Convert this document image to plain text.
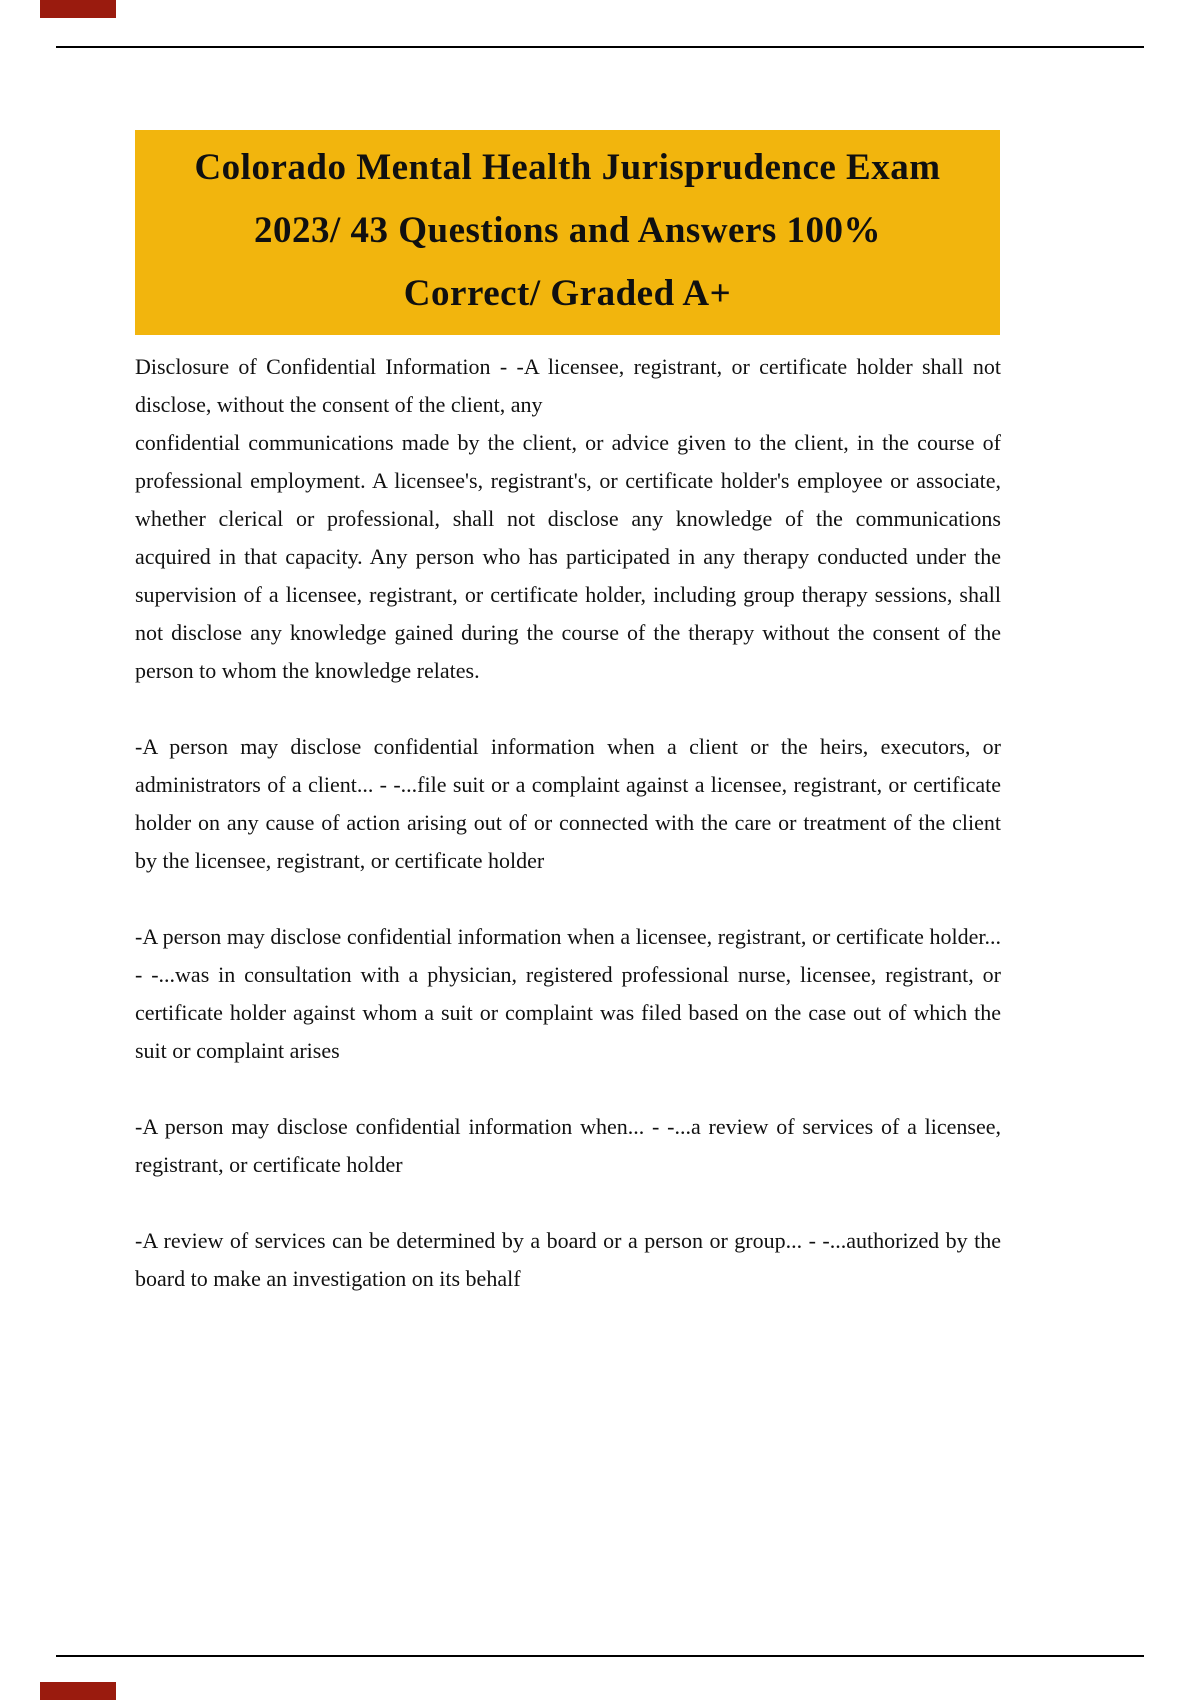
Colorado Mental Health Jurisprudence Exam
2023/ 43 Questions and Answers 100%
Correct/ Graded A+

Disclosure of Confidential Information - -A licensee, registrant, or certificate holder shall not disclose, without the consent of the client, any

confidential communications made by the client, or advice given to the client, in the course of professional employment. A licensee's, registrant's, or certificate holder's employee or associate, whether clerical or professional, shall not disclose any knowledge of the communications acquired in that capacity. Any person who has participated in any therapy conducted under the supervision of a licensee, registrant, or certificate holder, including group therapy sessions, shall not disclose any knowledge gained during the course of the therapy without the consent of the person to whom the knowledge relates.

-A person may disclose confidential information when a client or the heirs, executors, or administrators of a client... - -...file suit or a complaint against a licensee, registrant, or certificate holder on any cause of action arising out of or connected with the care or treatment of the client by the licensee, registrant, or certificate holder

-A person may disclose confidential information when a licensee, registrant, or certificate holder... - -...was in consultation with a physician, registered professional nurse, licensee, registrant, or certificate holder against whom a suit or complaint was filed based on the case out of which the suit or complaint arises

-A person may disclose confidential information when... - -...a review of services of a licensee, registrant, or certificate holder

-A review of services can be determined by a board or a person or group... - -...authorized by the board to make an investigation on its behalf
